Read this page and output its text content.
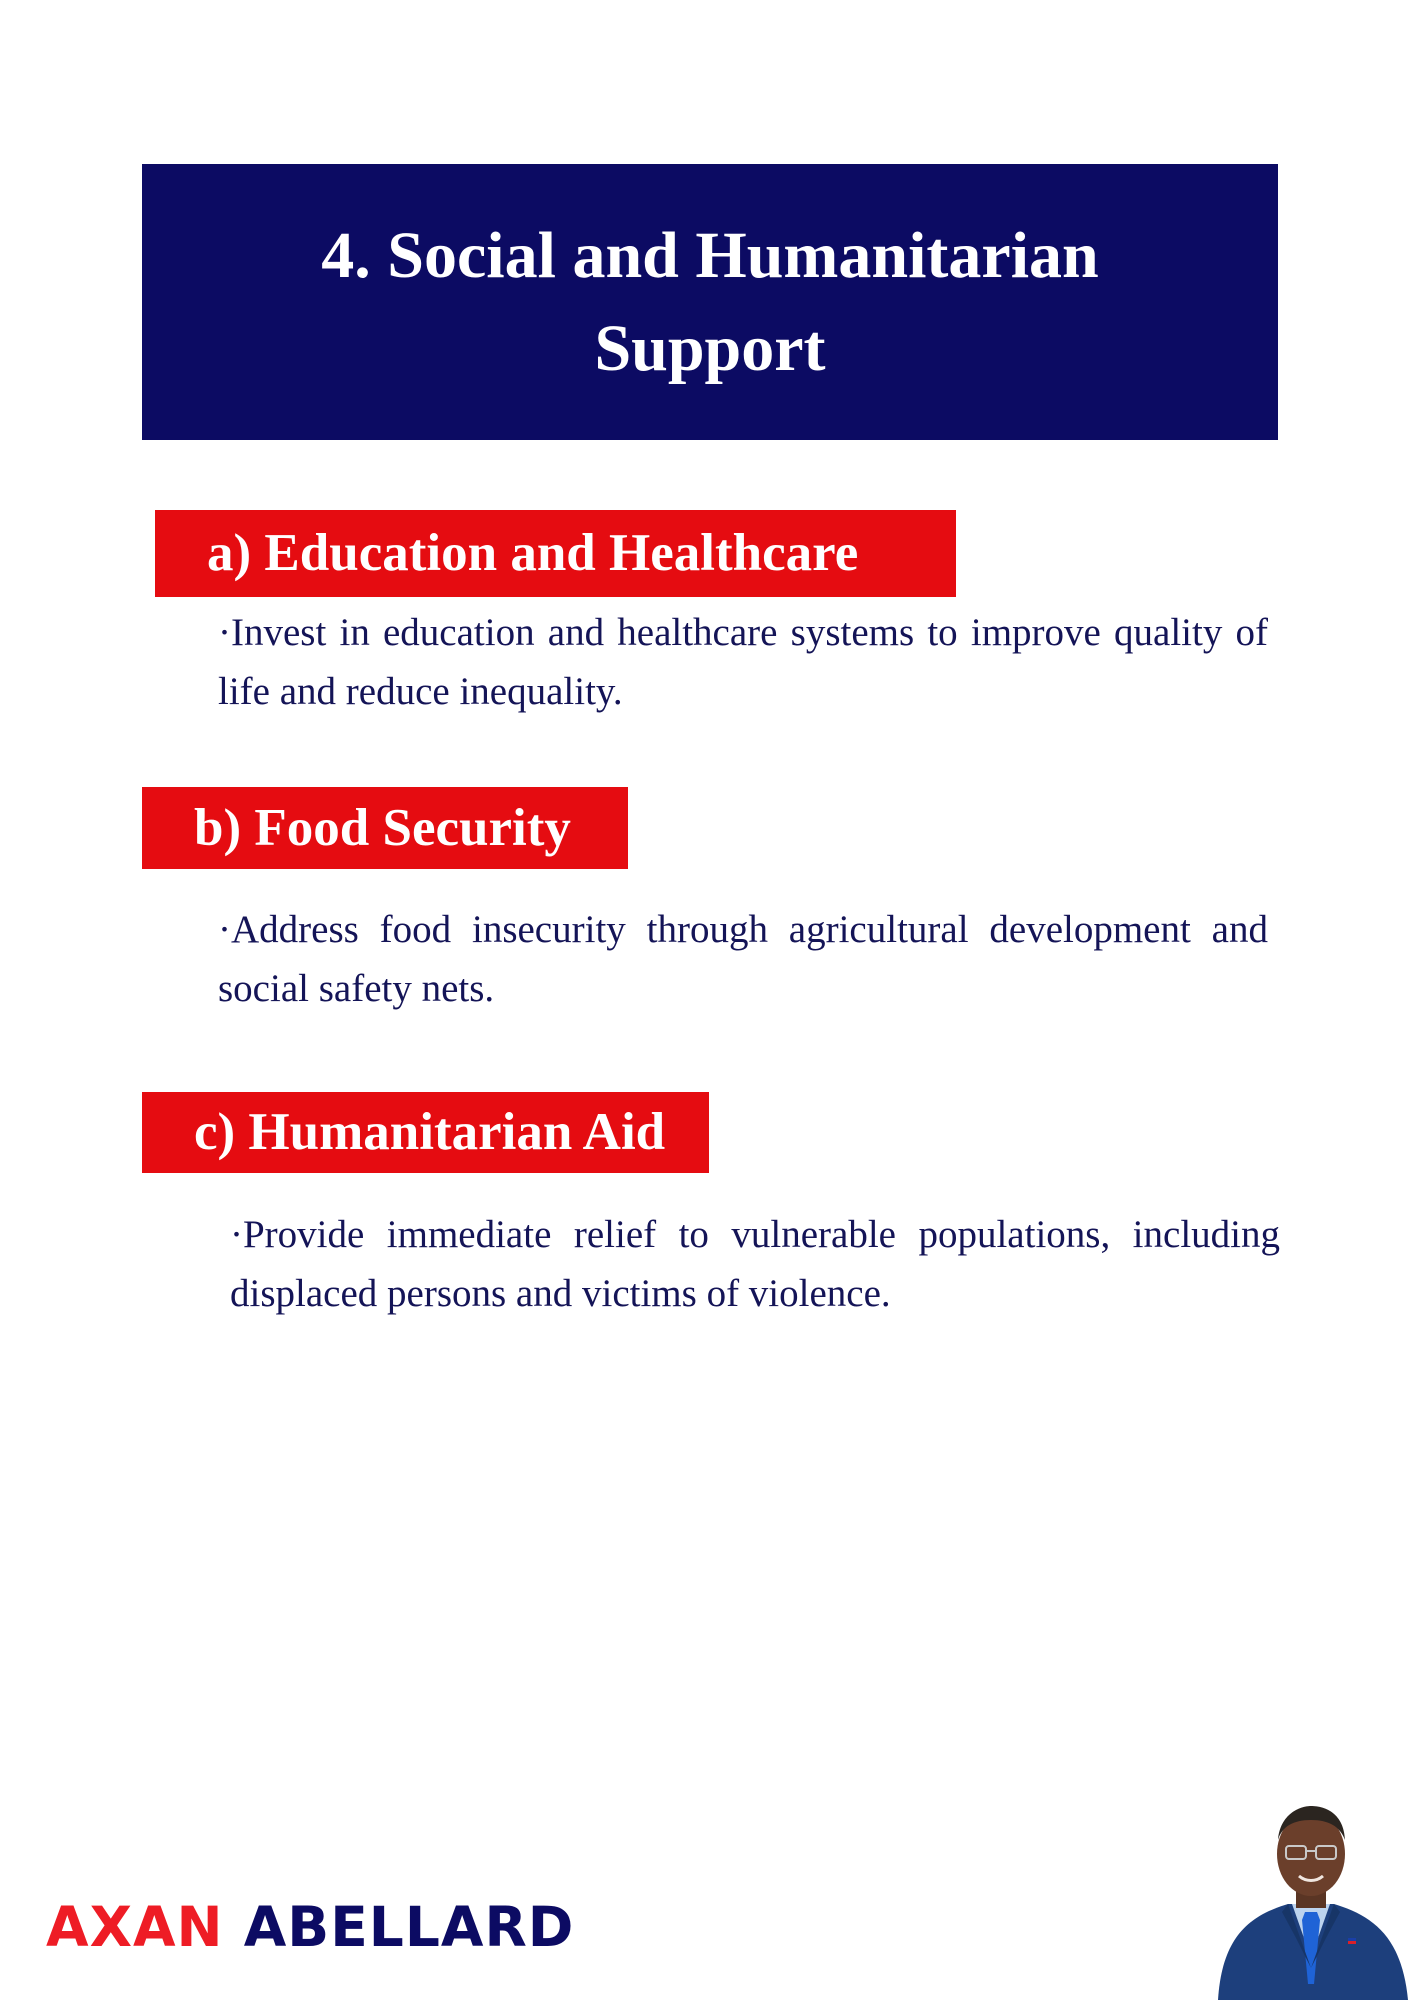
4. Social and Humanitarian Support
a) Education and Healthcare

·Invest in education and healthcare systems to improve quality of life and reduce inequality.

b) Food Security

·Address food insecurity through agricultural development and social safety nets.

c) Humanitarian Aid

·Provide immediate relief to vulnerable populations, including displaced persons and victims of violence.

AXAN ABELLARD
